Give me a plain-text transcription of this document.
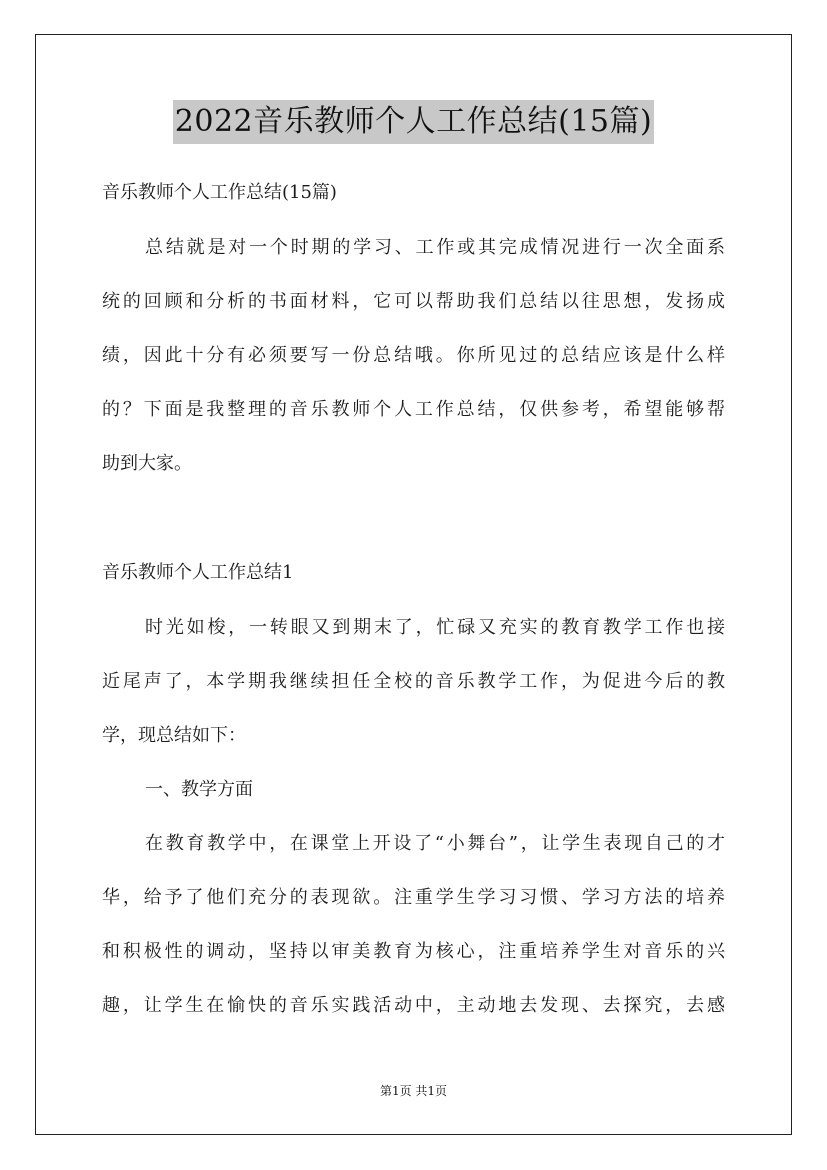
2022音乐教师个人工作总结(15篇)
音乐教师个人工作总结(15篇)
总结就是对一个时期的学习、工作或其完成情况进行一次全面系
统的回顾和分析的书面材料，它可以帮助我们总结以往思想，发扬成
绩，因此十分有必须要写一份总结哦。你所见过的总结应该是什么样
的？下面是我整理的音乐教师个人工作总结，仅供参考，希望能够帮
助到大家。
音乐教师个人工作总结1
时光如梭，一转眼又到期末了，忙碌又充实的教育教学工作也接
近尾声了，本学期我继续担任全校的音乐教学工作，为促进今后的教
学，现总结如下：
一、教学方面
在教育教学中，在课堂上开设了“小舞台”，让学生表现自己的才
华，给予了他们充分的表现欲。注重学生学习习惯、学习方法的培养
和积极性的调动，坚持以审美教育为核心，注重培养学生对音乐的兴
趣，让学生在愉快的音乐实践活动中，主动地去发现、去探究，去感
第1页 共1页
